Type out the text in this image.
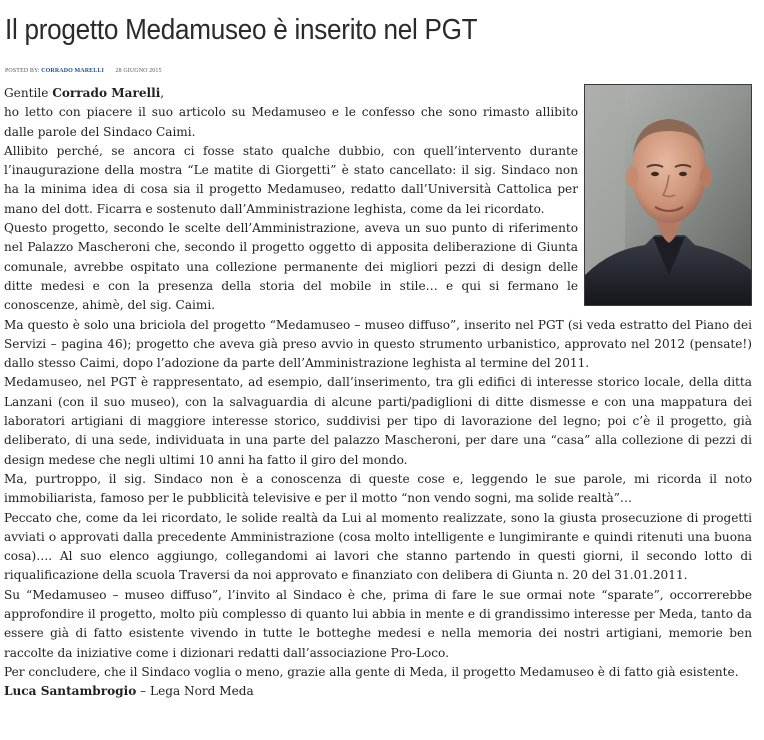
Il progetto Medamuseo è inserito nel PGT
POSTED BY: CORRADO MARELLI 28 GIUGNO 2015

Gentile Corrado Marelli,

ho letto con piacere il suo articolo su Medamuseo e le confesso che sono rimasto allibito dalle parole del Sindaco Caimi.

Allibito perché, se ancora ci fosse stato qualche dubbio, con quell’intervento durante l’inaugurazione della mostra “Le matite di Giorgetti” è stato cancellato: il sig. Sindaco non ha la minima idea di cosa sia il progetto Medamuseo, redatto dall’Università Cattolica per mano del dott. Ficarra e sostenuto dall’Amministrazione leghista, come da lei ricordato.

Questo progetto, secondo le scelte dell’Amministrazione, aveva un suo punto di riferimento nel Palazzo Mascheroni che, secondo il progetto oggetto di apposita deliberazione di Giunta comunale, avrebbe ospitato una collezione permanente dei migliori pezzi di design delle ditte medesi e con la presenza della storia del mobile in stile… e qui si fermano le conoscenze, ahimè, del sig. Caimi.

Ma questo è solo una briciola del progetto “Medamuseo – museo diffuso”, inserito nel PGT (si veda estratto del Piano dei Servizi – pagina 46); progetto che aveva già preso avvio in questo strumento urbanistico, approvato nel 2012 (pensate!) dallo stesso Caimi, dopo l’adozione da parte dell’Amministrazione leghista al termine del 2011.

Medamuseo, nel PGT è rappresentato, ad esempio, dall’inserimento, tra gli edifici di interesse storico locale, della ditta Lanzani (con il suo museo), con la salvaguardia di alcune parti/padiglioni di ditte dismesse e con una mappatura dei laboratori artigiani di maggiore interesse storico, suddivisi per tipo di lavorazione del legno; poi c’è il progetto, già deliberato, di una sede, individuata in una parte del palazzo Mascheroni, per dare una “casa” alla collezione di pezzi di design medese che negli ultimi 10 anni ha fatto il giro del mondo.

Ma, purtroppo, il sig. Sindaco non è a conoscenza di queste cose e, leggendo le sue parole, mi ricorda il noto immobiliarista, famoso per le pubblicità televisive e per il motto “non vendo sogni, ma solide realtà”…

Peccato che, come da lei ricordato, le solide realtà da Lui al momento realizzate, sono la giusta prosecuzione di progetti avviati o approvati dalla precedente Amministrazione (cosa molto intelligente e lungimirante e quindi ritenuti una buona cosa)…. Al suo elenco aggiungo, collegandomi ai lavori che stanno partendo in questi giorni, il secondo lotto di riqualificazione della scuola Traversi da noi approvato e finanziato con delibera di Giunta n. 20 del 31.01.2011.

Su “Medamuseo – museo diffuso”, l’invito al Sindaco è che, prima di fare le sue ormai note “sparate”, occorrerebbe approfondire il progetto, molto più complesso di quanto lui abbia in mente e di grandissimo interesse per Meda, tanto da essere già di fatto esistente vivendo in tutte le botteghe medesi e nella memoria dei nostri artigiani, memorie ben raccolte da iniziative come i dizionari redatti dall’associazione Pro-Loco.

Per concludere, che il Sindaco voglia o meno, grazie alla gente di Meda, il progetto Medamuseo è di fatto già esistente.

Luca Santambrogio – Lega Nord Meda
